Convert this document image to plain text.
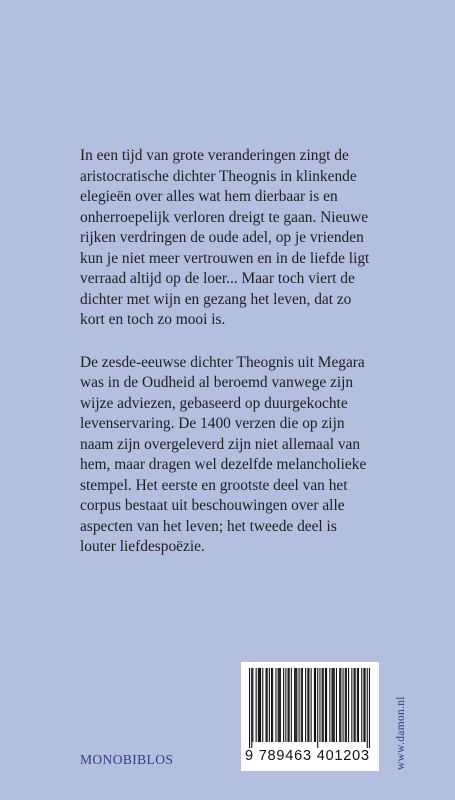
In een tijd van grote veranderingen zingt de aristocratische dichter Theognis in klinkende elegieën over alles wat hem dierbaar is en onherroepelijk verloren dreigt te gaan. Nieuwe rijken verdringen de oude adel, op je vrienden kun je niet meer vertrouwen en in de liefde ligt verraad altijd op de loer... Maar toch viert de dichter met wijn en gezang het leven, dat zo kort en toch zo mooi is.

De zesde-eeuwse dichter Theognis uit Megara was in de Oudheid al beroemd vanwege zijn wijze adviezen, gebaseerd op duurgekochte levenservaring. De 1400 verzen die op zijn naam zijn overgeleverd zijn niet allemaal van hem, maar dragen wel dezelfde melancholieke stempel. Het eerste en grootste deel van het corpus bestaat uit beschouwingen over alle aspecten van het leven; het tweede deel is louter liefdespoëzie.

MONOBIBLOS	9 789463 401203	www.damon.nl
